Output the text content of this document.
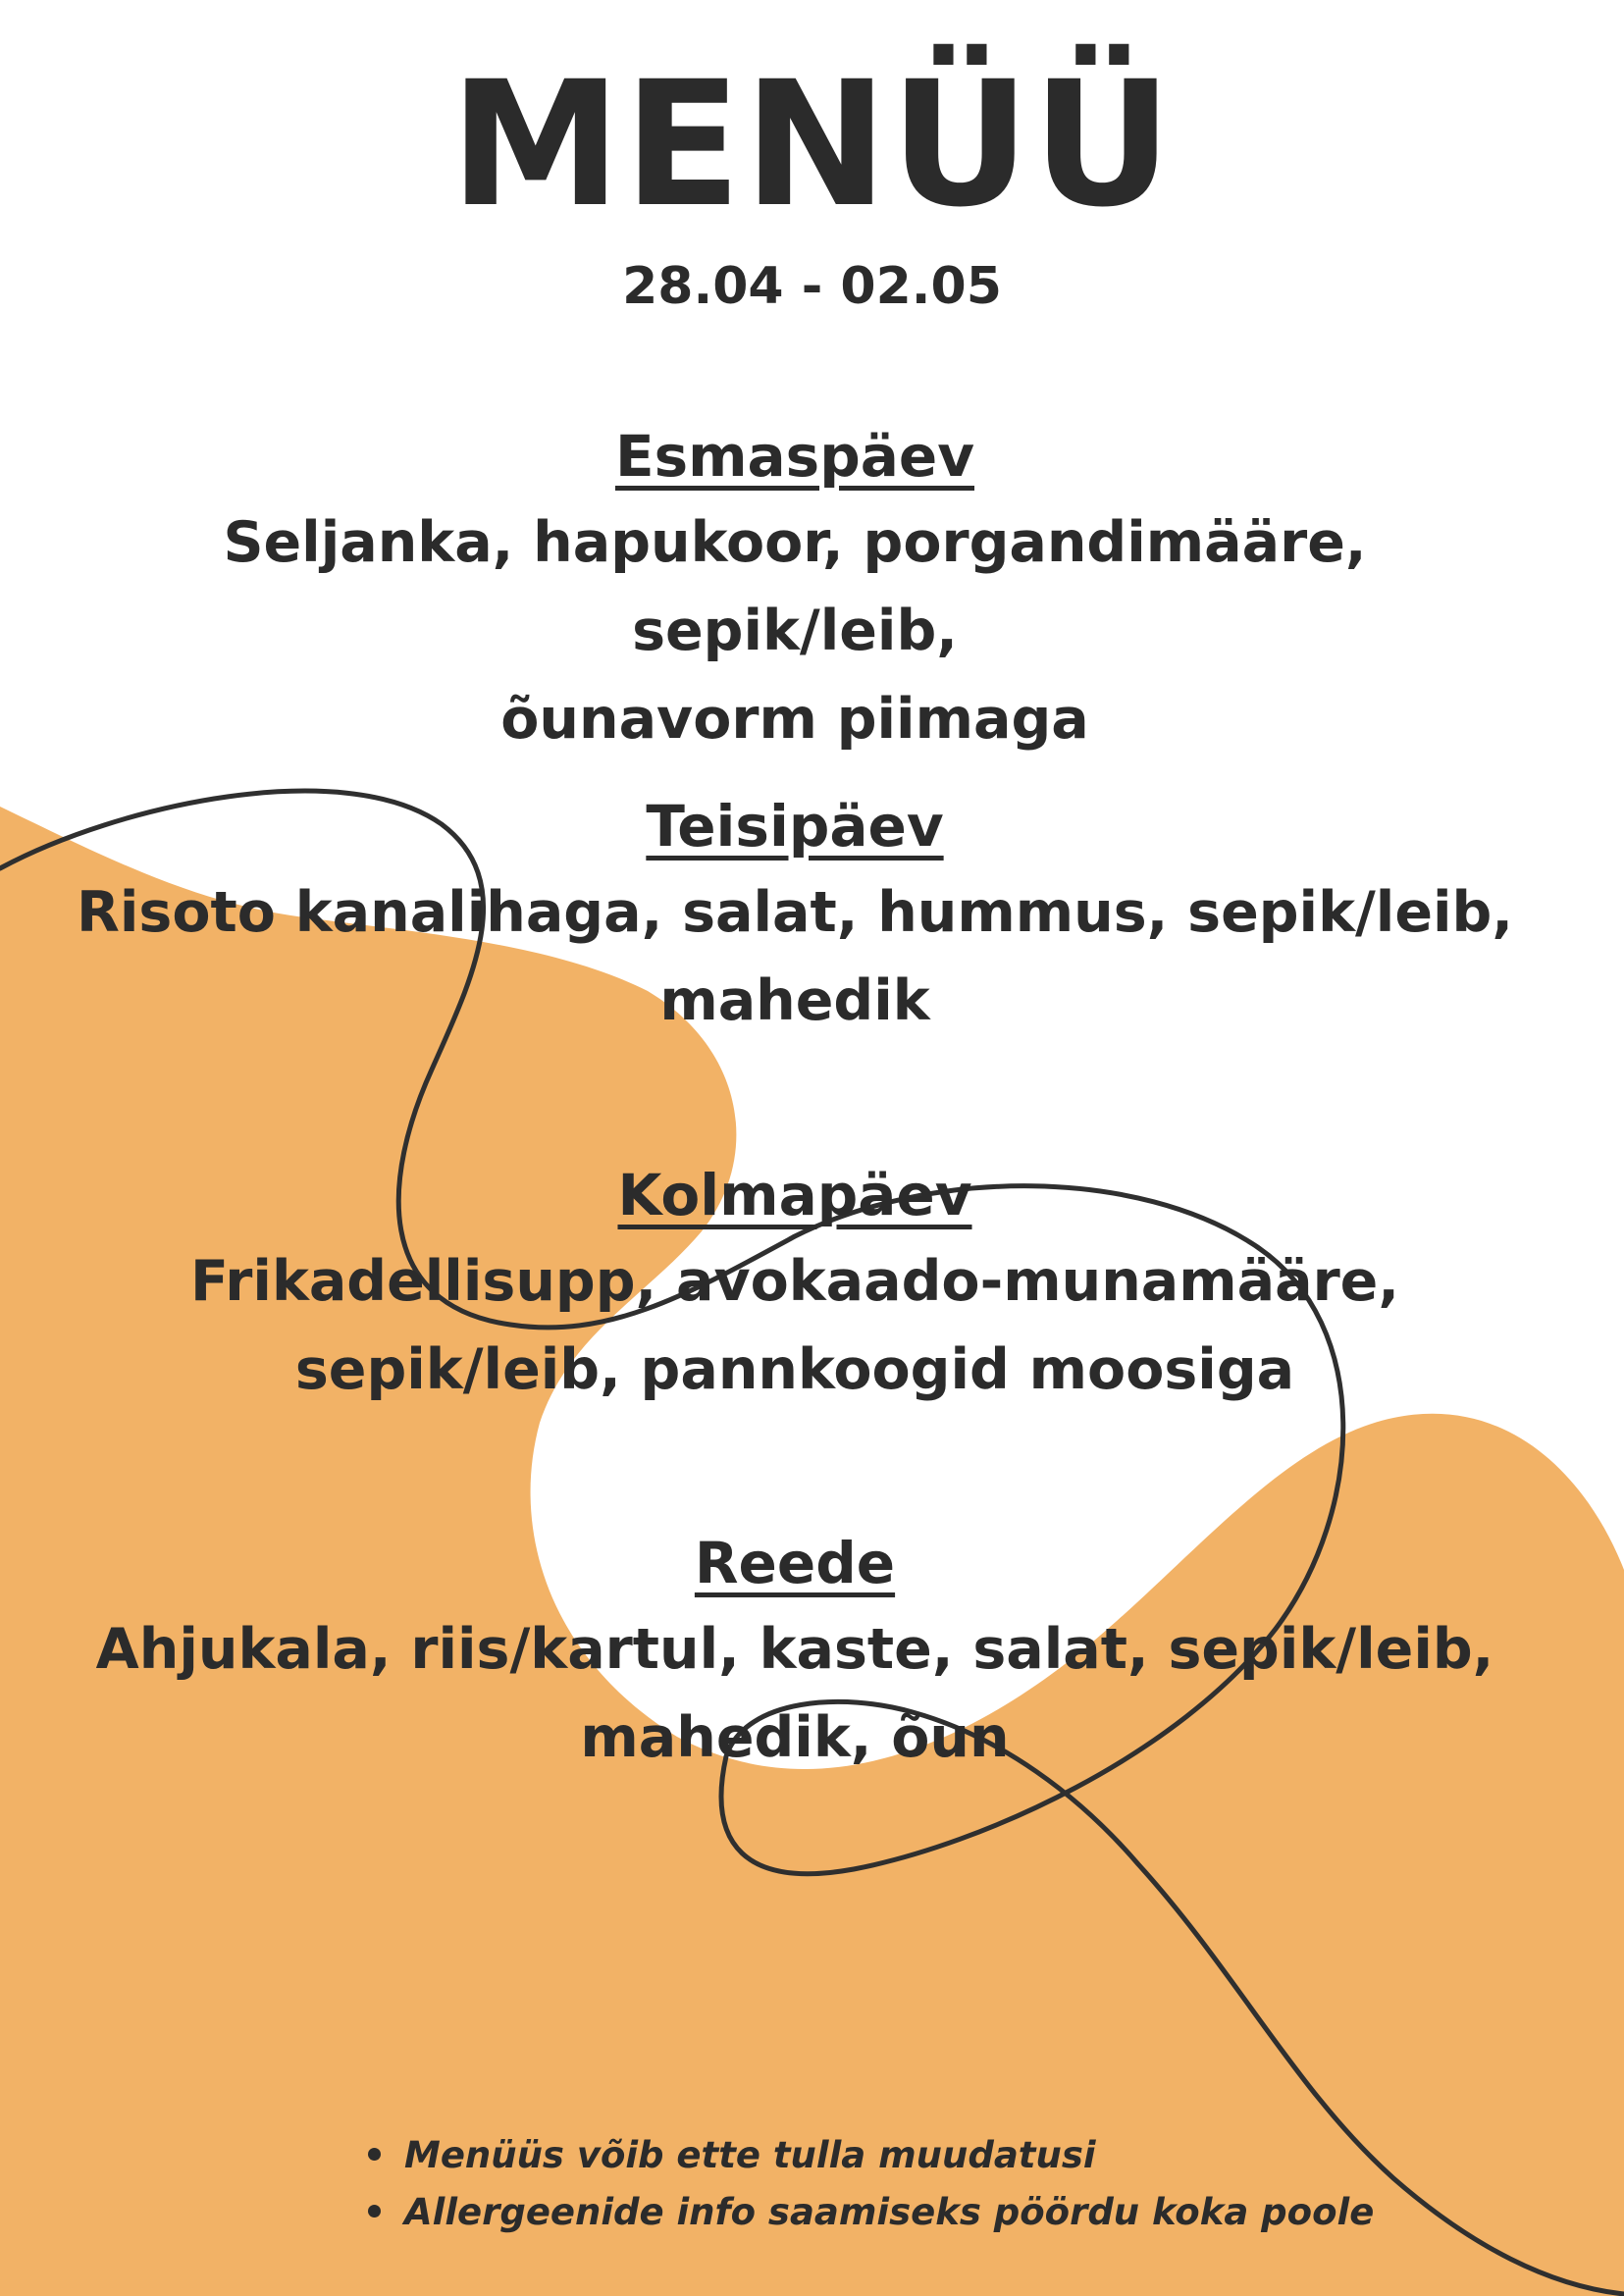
MENÜÜ
28.04 - 02.05
Esmaspäev
Seljanka, hapukoor, porgandimääre, sepik/leib,
õunavorm piimaga
Teisipäev
Risoto kanalihaga, salat, hummus, sepik/leib,
mahedik
Kolmapäev
Frikadellisupp, avokaado-munamääre,
sepik/leib, pannkoogid moosiga
Reede
Ahjukala, riis/kartul, kaste, salat, sepik/leib,
mahedik, õun
Menüüs võib ette tulla muudatusi
Allergeenide info saamiseks pöördu koka poole
